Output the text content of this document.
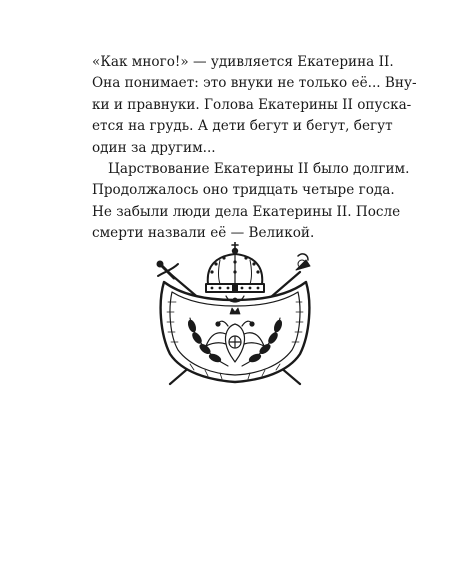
«Как много!» — удивляется Екатерина II.
Она понимает: это внуки не только её... Вну-
ки и правнуки. Голова Екатерины II опуска-
ется на грудь. А дети бегут и бегут, бегут
один за другим...

Царствование Екатерины II было долгим.
Продолжалось оно тридцать четыре года.
Не забыли люди дела Екатерины II. После
смерти назвали её — Великой.
